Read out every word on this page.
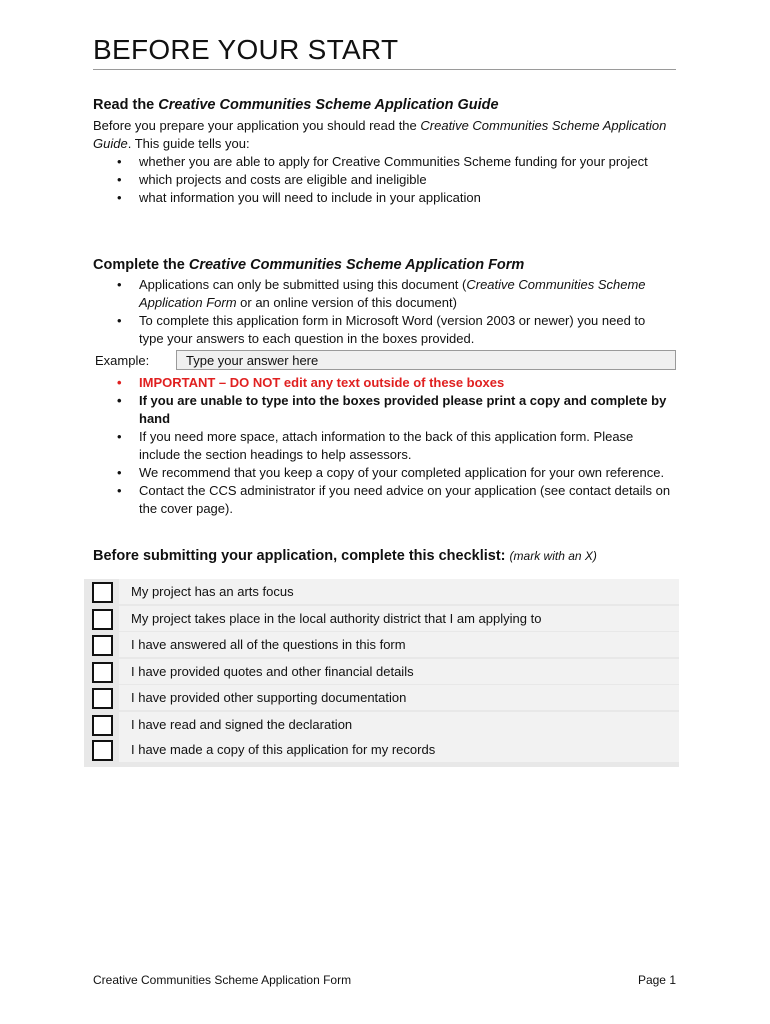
BEFORE YOUR START
Read the Creative Communities Scheme Application Guide
Before you prepare your application you should read the Creative Communities Scheme Application Guide. This guide tells you:
• whether you are able to apply for Creative Communities Scheme funding for your project
• which projects and costs are eligible and ineligible
• what information you will need to include in your application
Complete the Creative Communities Scheme Application Form
• Applications can only be submitted using this document (Creative Communities Scheme Application Form or an online version of this document)
• To complete this application form in Microsoft Word (version 2003 or newer) you need to type your answers to each question in the boxes provided.
Example:	Type your answer here
• IMPORTANT – DO NOT edit any text outside of these boxes
• If you are unable to type into the boxes provided please print a copy and complete by hand
• If you need more space, attach information to the back of this application form. Please include the section headings to help assessors.
• We recommend that you keep a copy of your completed application for your own reference.
• Contact the CCS administrator if you need advice on your application (see contact details on the cover page).
Before submitting your application, complete this checklist: (mark with an X)
My project has an arts focus
My project takes place in the local authority district that I am applying to
I have answered all of the questions in this form
I have provided quotes and other financial details
I have provided other supporting documentation
I have read and signed the declaration
I have made a copy of this application for my records
Creative Communities Scheme Application Form	Page 1
